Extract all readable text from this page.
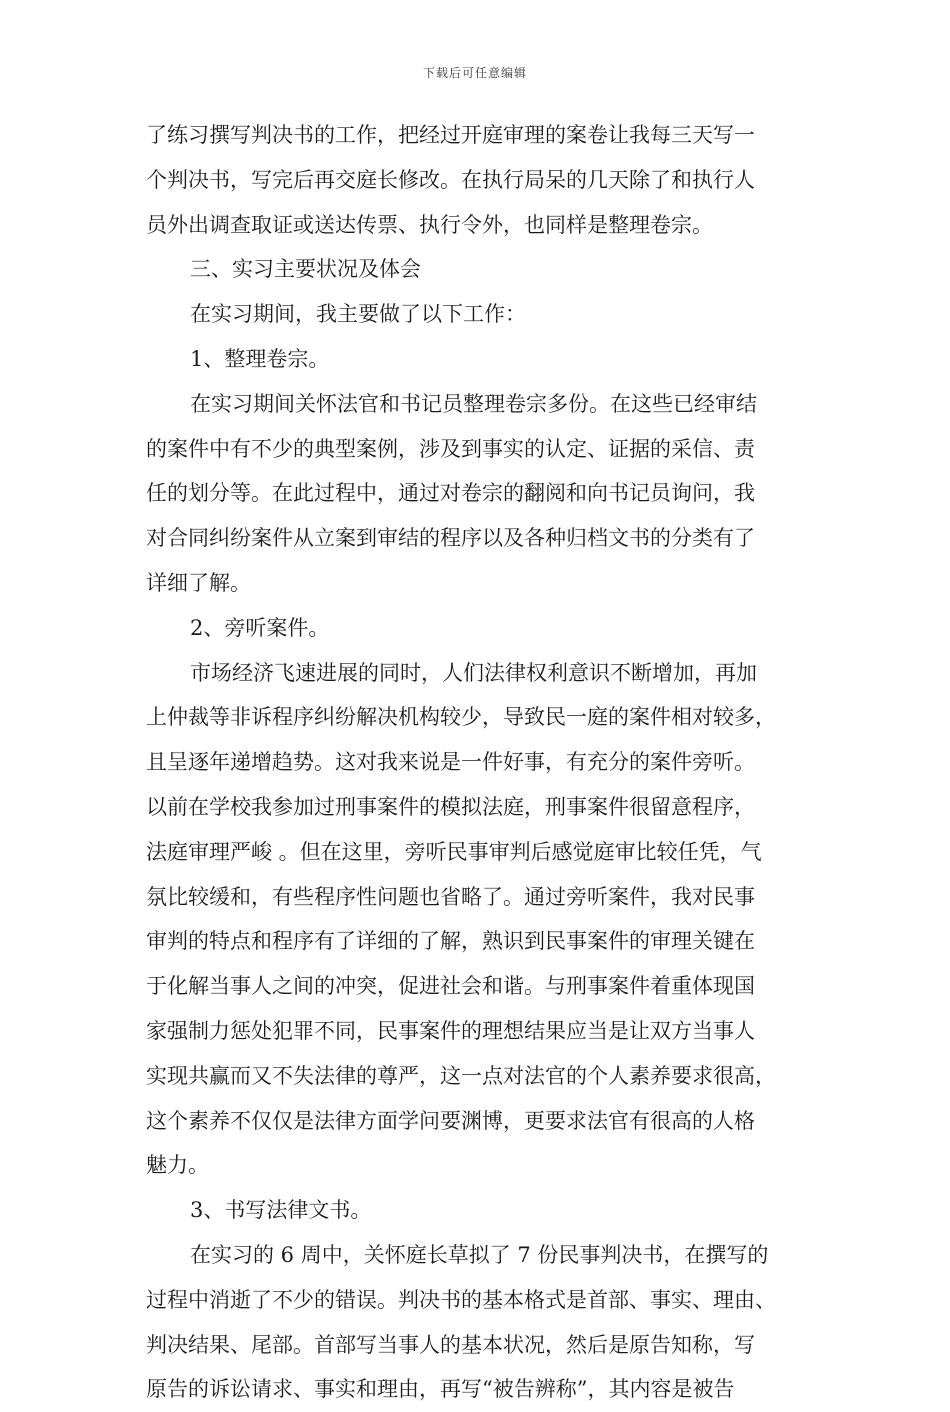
下载后可任意编辑
了练习撰写判决书的工作，把经过开庭审理的案卷让我每三天写一
个判决书，写完后再交庭长修改。在执行局呆的几天除了和执行人
员外出调查取证或送达传票、执行令外，也同样是整理卷宗。
三、实习主要状况及体会
在实习期间，我主要做了以下工作：
1、整理卷宗。
在实习期间关怀法官和书记员整理卷宗多份。在这些已经审结
的案件中有不少的典型案例，涉及到事实的认定、证据的采信、责
任的划分等。在此过程中，通过对卷宗的翻阅和向书记员询问，我
对合同纠纷案件从立案到审结的程序以及各种归档文书的分类有了
详细了解。
2、旁听案件。
市场经济飞速进展的同时，人们法律权利意识不断增加，再加
上仲裁等非诉程序纠纷解决机构较少，导致民一庭的案件相对较多，
且呈逐年递增趋势。这对我来说是一件好事，有充分的案件旁听。
以前在学校我参加过刑事案件的模拟法庭，刑事案件很留意程序，
法庭审理严峻 。但在这里，旁听民事审判后感觉庭审比较任凭，气
氛比较缓和，有些程序性问题也省略了。通过旁听案件，我对民事
审判的特点和程序有了详细的了解，熟识到民事案件的审理关键在
于化解当事人之间的冲突，促进社会和谐。与刑事案件着重体现国
家强制力惩处犯罪不同，民事案件的理想结果应当是让双方当事人
实现共赢而又不失法律的尊严，这一点对法官的个人素养要求很高，
这个素养不仅仅是法律方面学问要渊博，更要求法官有很高的人格
魅力。
3、书写法律文书。
在实习的 6 周中，关怀庭长草拟了 7 份民事判决书，在撰写的
过程中消逝了不少的错误。判决书的基本格式是首部、事实、理由、
判决结果、尾部。首部写当事人的基本状况，然后是原告知称，写
原告的诉讼请求、事实和理由，再写“被告辨称”，其内容是被告
